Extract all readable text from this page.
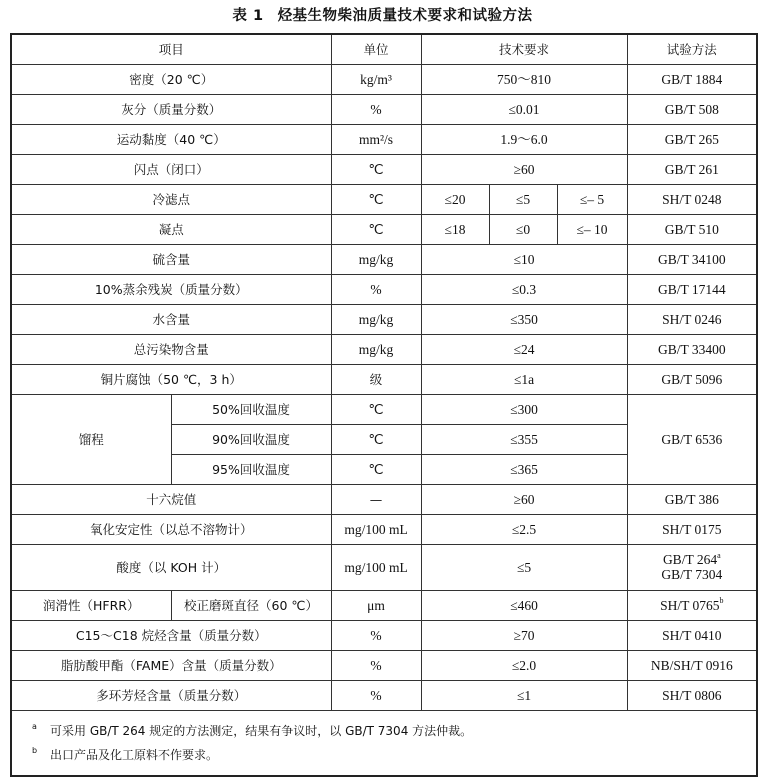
表 1 烃基生物柴油质量技术要求和试验方法
项目		单位	技术要求			试验方法
密度（20 ℃）		kg/m³	750～810			GB/T 1884
灰分（质量分数）		%	≤0.01			GB/T 508
运动黏度（40 ℃）		mm²/s	1.9～6.0			GB/T 265
闪点（闭口）		℃	≥60			GB/T 261
冷滤点		℃	≤20	≤5	≤– 5	SH/T 0248
凝点		℃	≤18	≤0	≤– 10	GB/T 510
硫含量		mg/kg	≤10			GB/T 34100
10%蒸余残炭（质量分数）		%	≤0.3			GB/T 17144
水含量		mg/kg	≤350			SH/T 0246
总污染物含量		mg/kg	≤24			GB/T 33400
铜片腐蚀（50 ℃，3 h）		级	≤1a			GB/T 5096
馏程	50%回收温度	℃	≤300			GB/T 6536
	90%回收温度	℃	≤355			
	95%回收温度	℃	≤365			
十六烷值		—	≥60			GB/T 386
氧化安定性（以总不溶物计）		mg/100 mL	≤2.5			SH/T 0175
酸度（以 KOH 计）		mg/100 mL	≤5			GB/T 264$^a$
GB/T 7304

润滑性（HFRR）	校正磨斑直径（60 ℃）	μm	≤460			SH/T 0765$^b$
C15～C18 烷烃含量（质量分数）		%	≥70			SH/T 0410
脂肪酸甲酯（FAME）含量（质量分数）		%	≤2.0			NB/SH/T 0916
多环芳烃含量（质量分数）		%	≤1			SH/T 0806

a 可采用 GB/T 264 规定的方法测定，结果有争议时，以 GB/T 7304 方法仲裁。
b 出口产品及化工原料不作要求。						
